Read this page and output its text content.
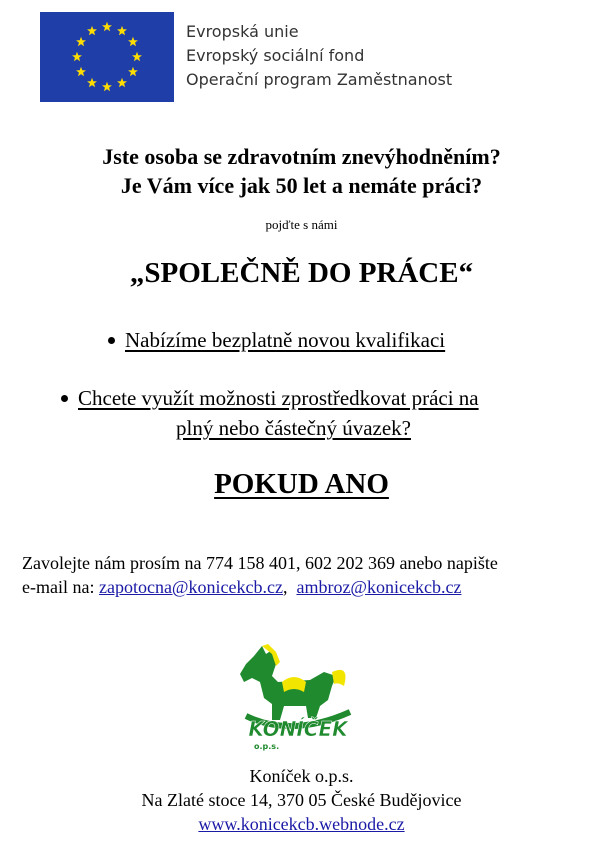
Evropská unie
Evropský sociální fond
Operační program Zaměstnanost
Jste osoba se zdravotním znevýhodněním?
Je Vám více jak 50 let a nemáte práci?
pojďte s námi
„SPOLEČNĚ DO PRÁCE“
Nabízíme bezplatně novou kvalifikaci
Chcete využít možnosti zprostředkovat práci na
plný nebo částečný úvazek?
POKUD ANO
Zavolejte nám prosím na 774 158 401, 602 202 369 anebo napište
e-mail na: zapotocna@konicekcb.cz,  ambroz@konicekcb.cz
KONÍČEK
o.p.s.
Koníček o.p.s.
Na Zlaté stoce 14, 370 05 České Budějovice
www.konicekcb.webnode.cz
